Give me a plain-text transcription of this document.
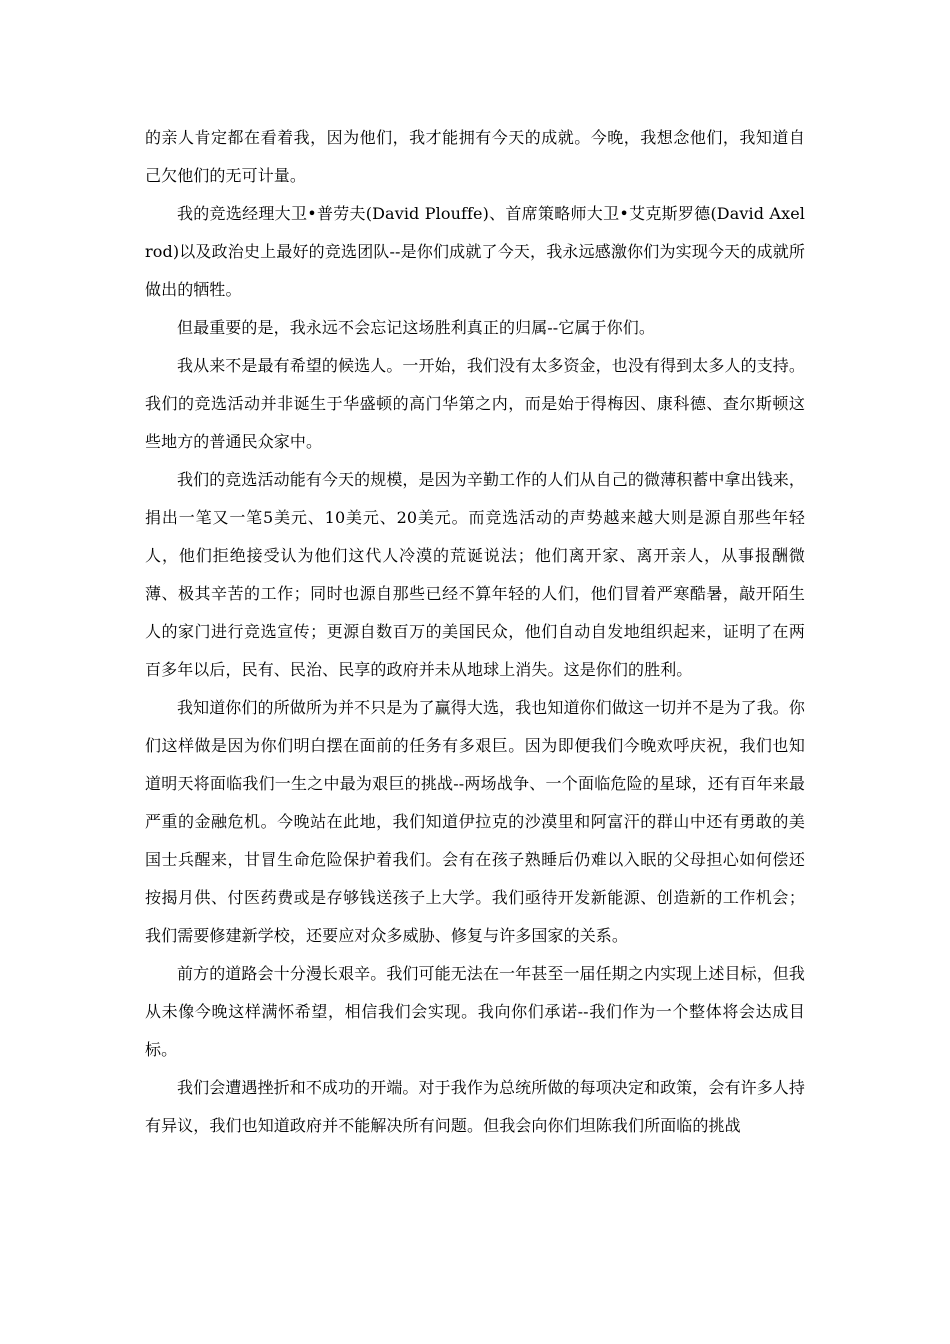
的亲人肯定都在看着我，因为他们，我才能拥有今天的成就。今晚，我想念他们，我知道自己欠他们的无可计量。

我的竞选经理大卫•普劳夫(David Plouffe)、首席策略师大卫•艾克斯罗德(David Axelrod)以及政治史上最好的竞选团队--是你们成就了今天，我永远感激你们为实现今天的成就所做出的牺牲。

但最重要的是，我永远不会忘记这场胜利真正的归属--它属于你们。

我从来不是最有希望的候选人。一开始，我们没有太多资金，也没有得到太多人的支持。我们的竞选活动并非诞生于华盛顿的高门华第之内，而是始于得梅因、康科德、查尔斯顿这些地方的普通民众家中。

我们的竞选活动能有今天的规模，是因为辛勤工作的人们从自己的微薄积蓄中拿出钱来，捐出一笔又一笔5美元、10美元、20美元。而竞选活动的声势越来越大则是源自那些年轻人，他们拒绝接受认为他们这代人冷漠的荒诞说法；他们离开家、离开亲人，从事报酬微薄、极其辛苦的工作；同时也源自那些已经不算年轻的人们，他们冒着严寒酷暑，敲开陌生人的家门进行竞选宣传；更源自数百万的美国民众，他们自动自发地组织起来，证明了在两百多年以后，民有、民治、民享的政府并未从地球上消失。这是你们的胜利。

我知道你们的所做所为并不只是为了赢得大选，我也知道你们做这一切并不是为了我。你们这样做是因为你们明白摆在面前的任务有多艰巨。因为即便我们今晚欢呼庆祝，我们也知道明天将面临我们一生之中最为艰巨的挑战--两场战争、一个面临危险的星球，还有百年来最严重的金融危机。今晚站在此地，我们知道伊拉克的沙漠里和阿富汗的群山中还有勇敢的美国士兵醒来，甘冒生命危险保护着我们。会有在孩子熟睡后仍难以入眠的父母担心如何偿还按揭月供、付医药费或是存够钱送孩子上大学。我们亟待开发新能源、创造新的工作机会；我们需要修建新学校，还要应对众多威胁、修复与许多国家的关系。

前方的道路会十分漫长艰辛。我们可能无法在一年甚至一届任期之内实现上述目标，但我从未像今晚这样满怀希望，相信我们会实现。我向你们承诺--我们作为一个整体将会达成目标。

我们会遭遇挫折和不成功的开端。对于我作为总统所做的每项决定和政策，会有许多人持有异议，我们也知道政府并不能解决所有问题。但我会向你们坦陈我们所面临的挑战
